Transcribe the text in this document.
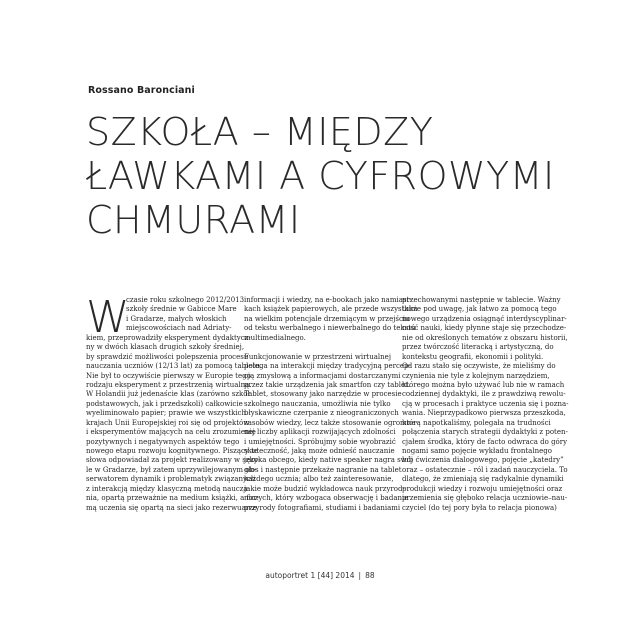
Rossano Baronciani
SZKOŁA – MIĘDZY
ŁAWKAMI A CYFROWYMI
CHMURAMI
W
czasie roku szkolnego 2012/2013
szkoły średnie w Gabicce Mare
i Gradarze, małych włoskich
miejscowościach nad Adriaty-
kiem, przeprowadziły eksperyment dydaktycz-
ny w dwóch klasach drugich szkoły średniej,
by sprawdzić możliwości polepszenia procesu
nauczania uczniów (12/13 lat) za pomocą tabletu.
Nie był to oczywiście pierwszy w Europie tego
rodzaju eksperyment z przestrzenią wirtualną.
W Holandii już jedenaście klas (zarówno szkół
podstawowych, jak i przedszkoli) całkowicie
wyeliminowało papier; prawie we wszystkich
krajach Unii Europejskiej roi się od projektów
i eksperymentów mających na celu zrozumienie
pozytywnych i negatywnych aspektów tego
nowego etapu rozwoju kognitywnego. Piszący te
słowa odpowiadał za projekt realizowany w szko-
le w Gradarze, był zatem uprzywilejowanym ob-
serwatorem dynamik i problematyk związanych
z interakcją między klasyczną metodą naucza-
nia, opartą przeważnie na medium książki, a for-
mą uczenia się opartą na sieci jako rezerwuarze
informacji i wiedzy, na e-bookach jako namiast-
kach książek papierowych, ale przede wszystkim
na wielkim potencjale drzemiącym w przejściu
od tekstu werbalnego i niewerbalnego do tekstu
multimedialnego.
Funkcjonowanie w przestrzeni wirtualnej
polega na interakcji między tradycyjną percep-
cją zmysłową a informacjami dostarczanymi
przez takie urządzenia jak smartfon czy tablet.
Tablet, stosowany jako narzędzie w procesie
szkolnego nauczania, umożliwia nie tylko
błyskawiczne czerpanie z nieograniczonych
zasobów wiedzy, lecz także stosowanie ogromne-
nej liczby aplikacji rozwijających zdolności
i umiejętności. Spróbujmy sobie wyobrazić
skuteczność, jaką może odnieść nauczanie
języka obcego, kiedy native speaker nagra swój
głos i następnie przekaże nagranie na tablet
każdego ucznia; albo też zainteresowanie,
jakie może budzić wykładowca nauk przyrod-
niczych, który wzbogaca obserwację i badanie
przyrody fotografiami, studiami i badaniami
przechowanymi następnie w tablecie. Ważny
także pod uwagę, jak łatwo za pomocą tego
nowego urządzenia osiągnąć interdyscyplinar-
ność nauki, kiedy płynne staje się przechodze-
nie od określonych tematów z obszaru historii,
przez twórczość literacką i artystyczną, do
kontekstu geografii, ekonomii i polityki.
Od razu stało się oczywiste, że mieliśmy do
czynienia nie tyle z kolejnym narzędziem,
którego można było używać lub nie w ramach
codziennej dydaktyki, ile z prawdziwą rewolu-
cją w procesach i praktyce uczenia się i poznа-
wania. Nieprzypadkowo pierwsza przeszkoda,
którą napotkaliśmy, polegała na trudności
połączenia starych strategii dydaktyki z poten-
cjałem środka, który de facto odwraca do góry
nogami samo pojęcie wykładu frontalnego
lub ćwiczenia dialogowego, pojęcie „katedry”
oraz – ostatecznie – ról i zadań nauczyciela. To
dlatego, że zmieniają się radykalnie dynamiki
produkcji wiedzy i rozwoju umiejętności oraz
przemienia się głęboko relacja uczniowie–nau-
czyciel (do tej pory była to relacja pionowa)
autoportret 1 [44] 2014 | 88
